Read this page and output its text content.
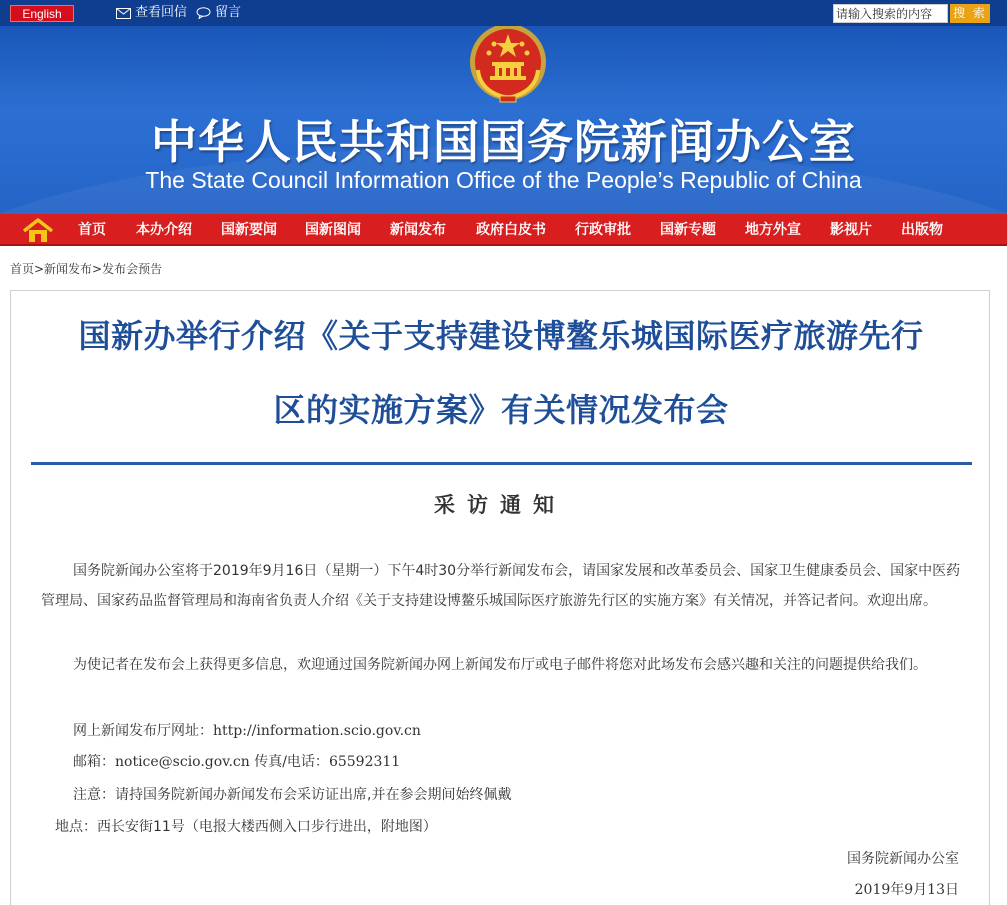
English	查看回信 留言
请输入搜索的内容	搜 索
中华人民共和国国务院新闻办公室
The State Council Information Office of the People’s Republic of China
首页 本办介绍 国新要闻 国新图闻 新闻发布 政府白皮书 行政审批 国新专题 地方外宣 影视片 出版物
首页>新闻发布>发布会预告
国新办举行介绍《关于支持建设博鳌乐城国际医疗旅游先行
区的实施方案》有关情况发布会
采访通知
国务院新闻办公室将于2019年9月16日（星期一）下午4时30分举行新闻发布会，请国家发展和改革委员会、国家卫生健康委员会、国家中医药管理局、国家药品监督管理局和海南省负责人介绍《关于支持建设博鳌乐城国际医疗旅游先行区的实施方案》有关情况，并答记者问。欢迎出席。
为使记者在发布会上获得更多信息，欢迎通过国务院新闻办网上新闻发布厅或电子邮件将您对此场发布会感兴趣和关注的问题提供给我们。
网上新闻发布厅网址：http://information.scio.gov.cn
邮箱：notice@scio.gov.cn 传真/电话：65592311
注意：请持国务院新闻办新闻发布会采访证出席,并在参会期间始终佩戴
地点：西长安街11号（电报大楼西侧入口步行进出，附地图）
国务院新闻办公室
2019年9月13日
